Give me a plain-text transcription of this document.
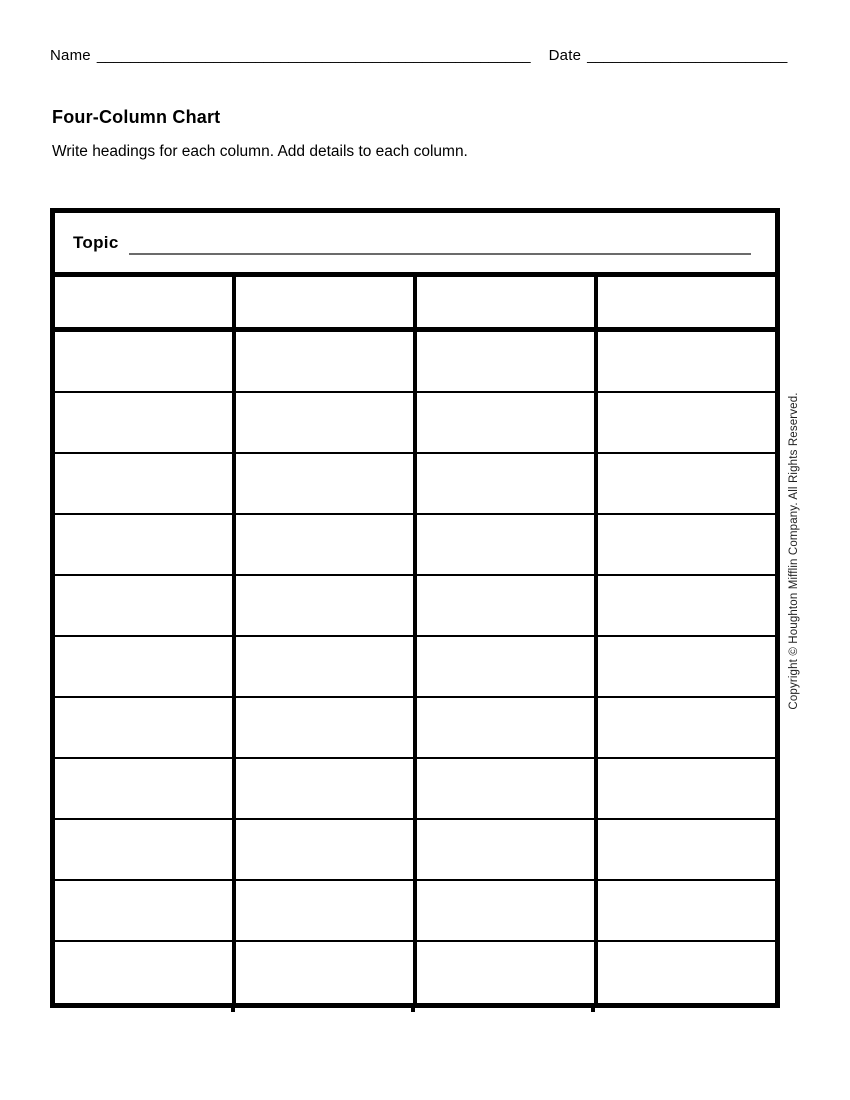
Name ____________________________________________________ Date ________________________
Four-Column Chart
Write headings for each column. Add details to each column.
Topic
Copyright © Houghton Mifflin Company. All Rights Reserved.
